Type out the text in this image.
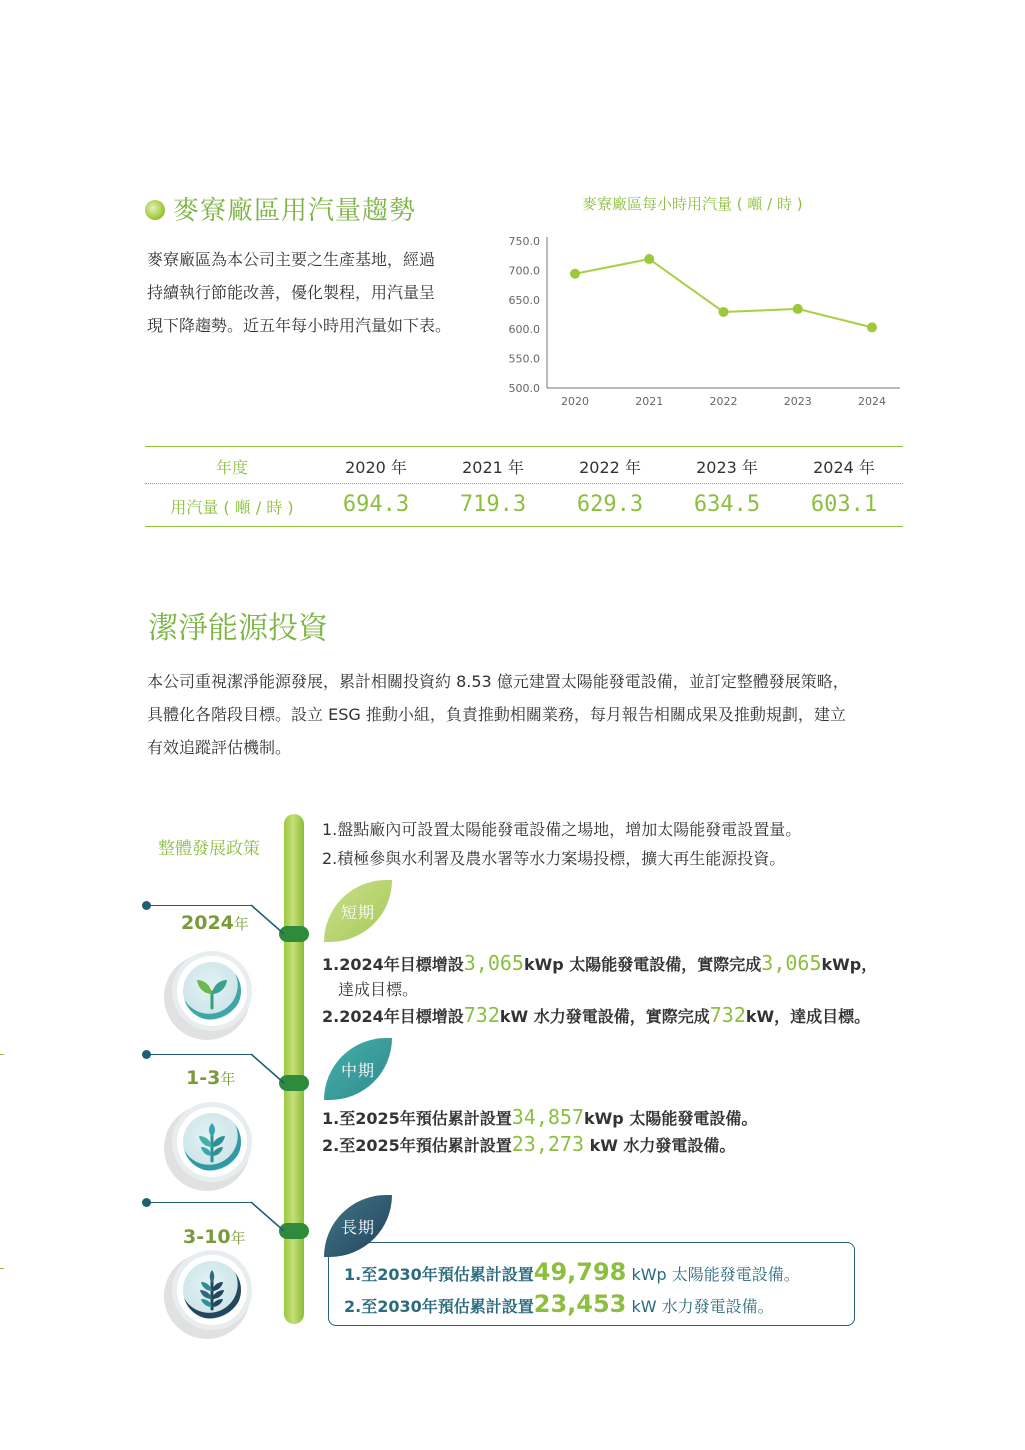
麥寮廠區用汽量趨勢
麥寮廠區為本公司主要之生產基地，經過
持續執行節能改善，優化製程，用汽量呈
現下降趨勢。近五年每小時用汽量如下表。
麥寮廠區每小時用汽量 ( 噸 / 時 )
750.0
700.0
650.0
600.0
550.0
500.0
2020	2021	2022	2023	2024
年度	2020 年	2021 年	2022 年	2023 年	2024 年
用汽量 ( 噸 / 時 )	694.3	719.3	629.3	634.5	603.1
潔淨能源投資
本公司重視潔淨能源發展，累計相關投資約 8.53 億元建置太陽能發電設備，並訂定整體發展策略，
具體化各階段目標。設立 ESG 推動小組，負責推動相關業務，每月報告相關成果及推動規劃，建立
有效追蹤評估機制。
整體發展政策
1.盤點廠內可設置太陽能發電設備之場地，增加太陽能發電設置量。
2.積極參與水利署及農水署等水力案場投標，擴大再生能源投資。
2024年
短期
1.2024年目標增設3,065kWp 太陽能發電設備，實際完成3,065kWp，
達成目標。
2.2024年目標增設732kW 水力發電設備，實際完成732kW，達成目標。
1-3年	中期
1.至2025年預估累計設置34,857kWp 太陽能發電設備。
2.至2025年預估累計設置23,273 kW 水力發電設備。
3-10年
長期
1.至2030年預估累計設置49,798 kWp 太陽能發電設備。
2.至2030年預估累計設置23,453 kW 水力發電設備。
